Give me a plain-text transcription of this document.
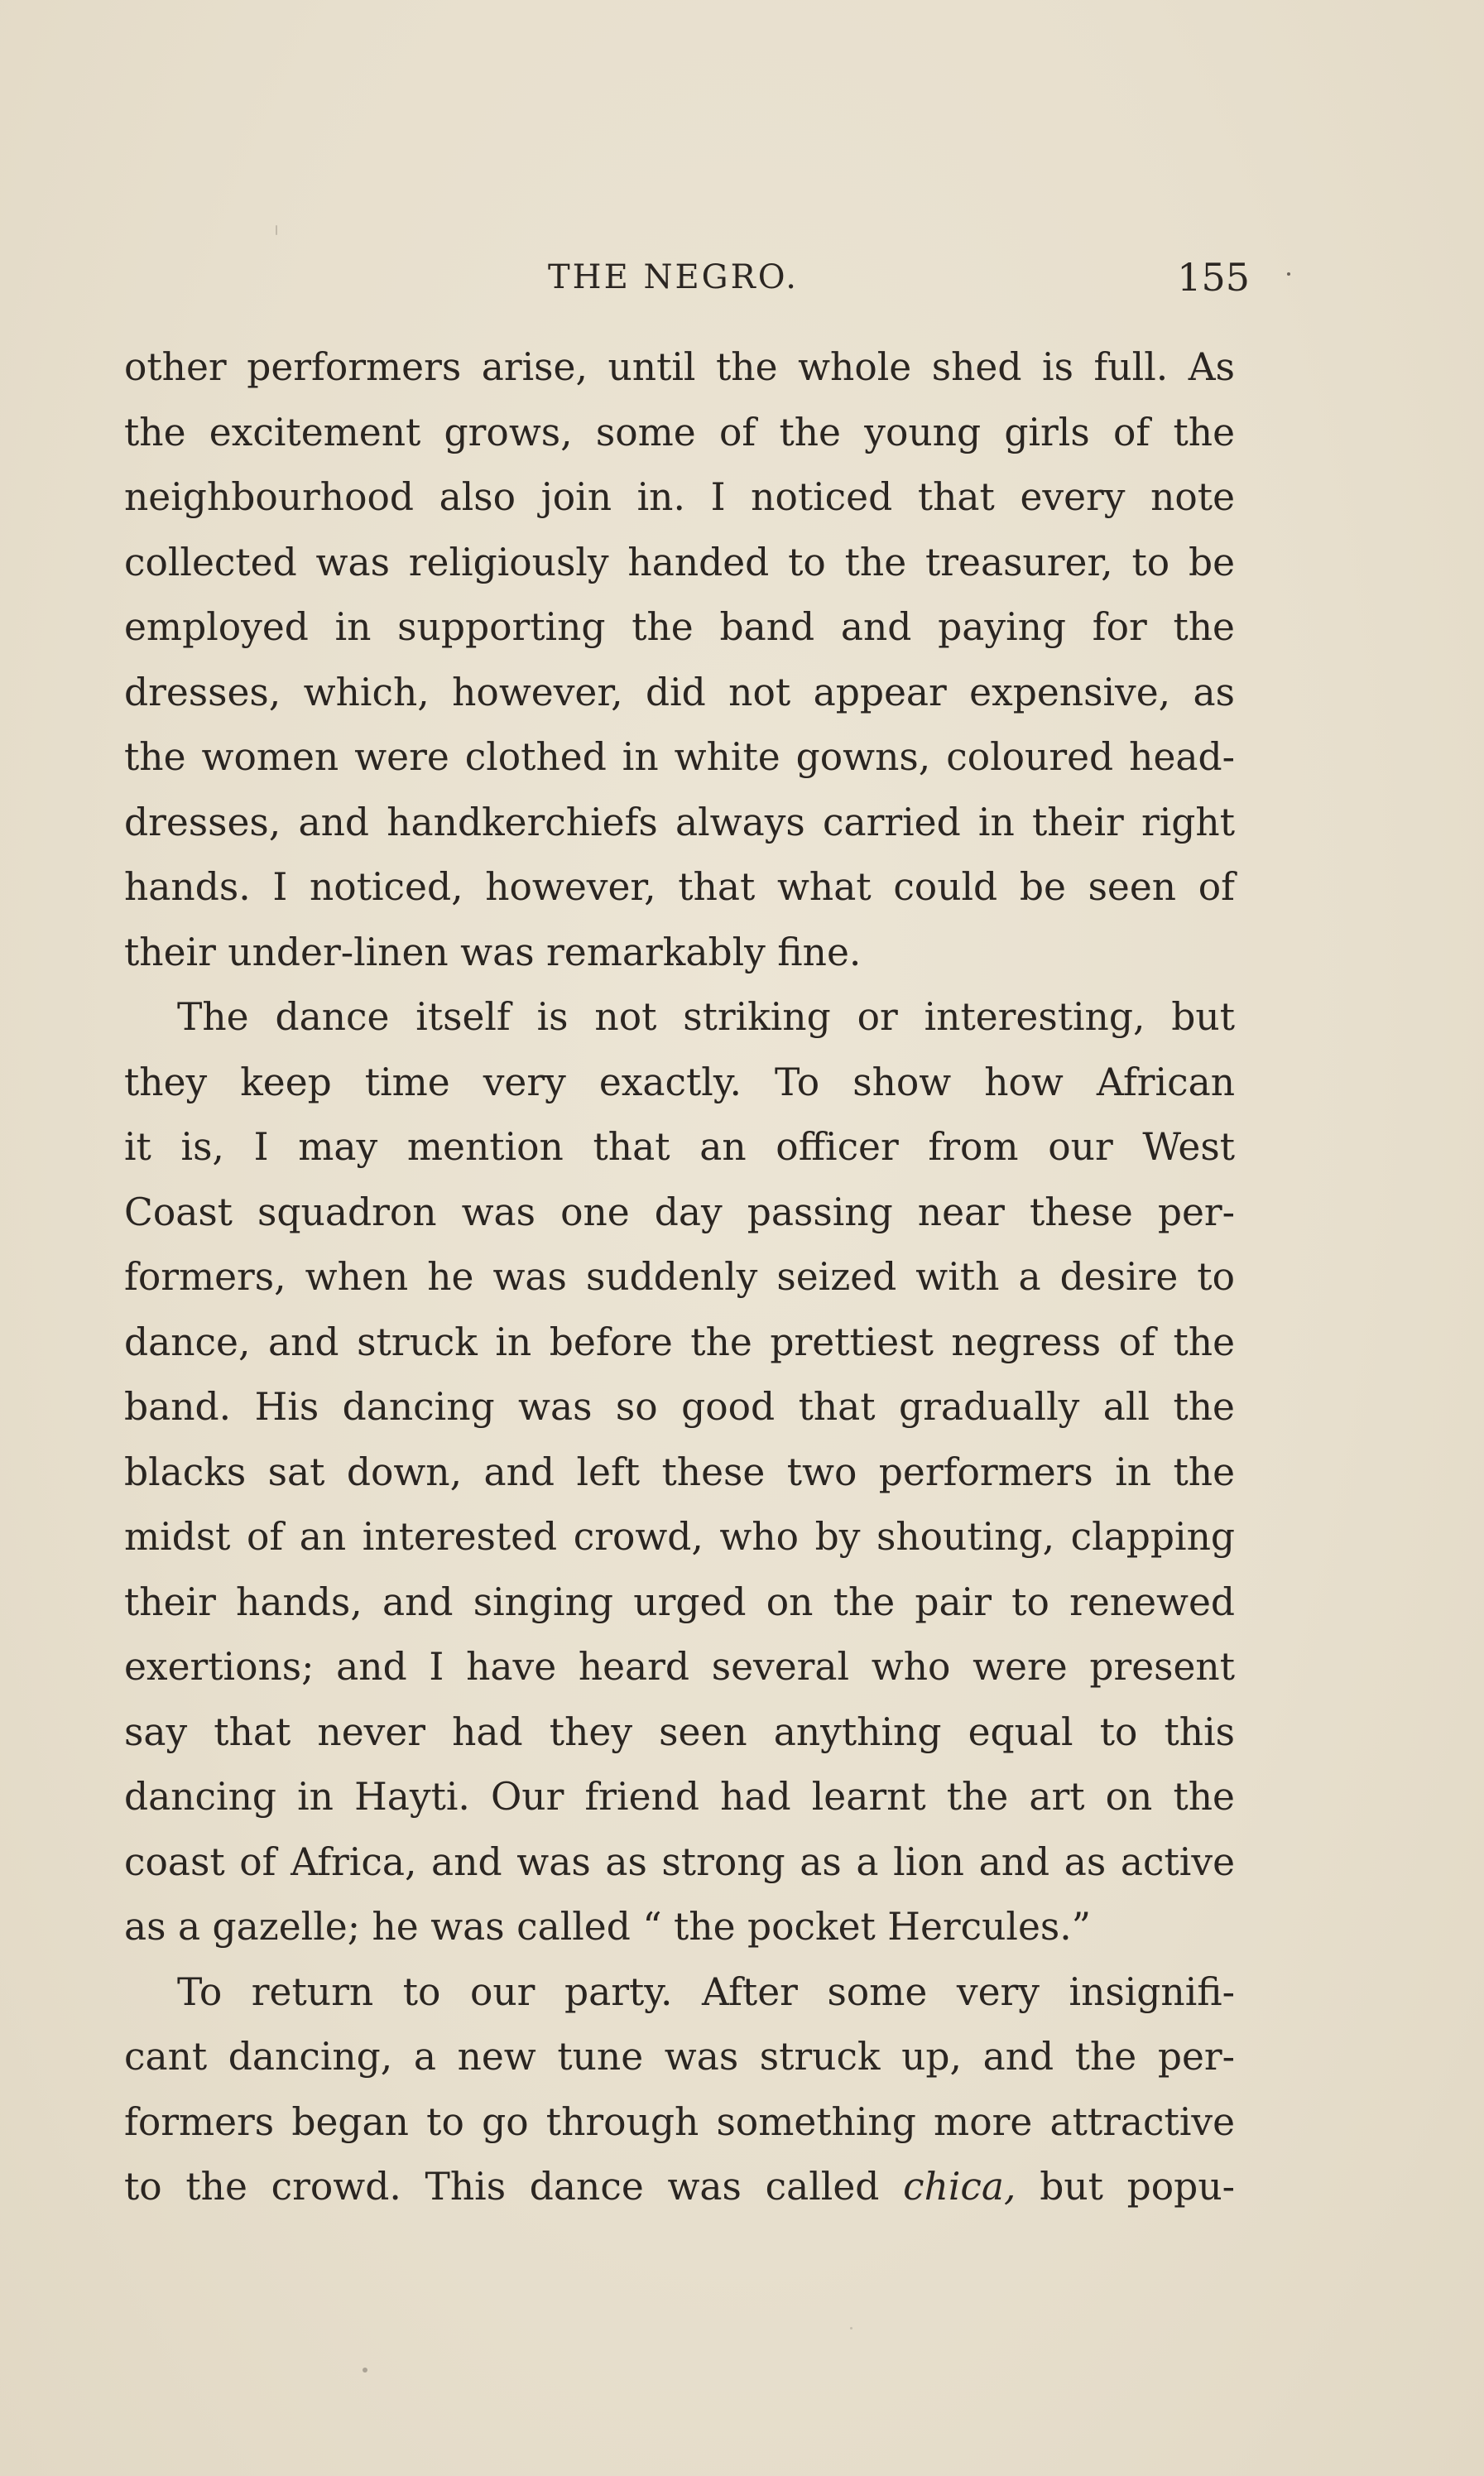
THE NEGRO.	155
other performers arise, until the whole shed is full. As
the excitement grows, some of the young girls of the
neighbourhood also join in. I noticed that every note
collected was religiously handed to the treasurer, to be
employed in supporting the band and paying for the
dresses, which, however, did not appear expensive, as
the women were clothed in white gowns, coloured head-
dresses, and handkerchiefs always carried in their right
hands. I noticed, however, that what could be seen of
their under-linen was remarkably fine.
The dance itself is not striking or interesting, but
they keep time very exactly. To show how African
it is, I may mention that an officer from our West
Coast squadron was one day passing near these per-
formers, when he was suddenly seized with a desire to
dance, and struck in before the prettiest negress of the
band. His dancing was so good that gradually all the
blacks sat down, and left these two performers in the
midst of an interested crowd, who by shouting, clapping
their hands, and singing urged on the pair to renewed
exertions; and I have heard several who were present
say that never had they seen anything equal to this
dancing in Hayti. Our friend had learnt the art on the
coast of Africa, and was as strong as a lion and as active
as a gazelle; he was called “ the pocket Hercules.”
To return to our party. After some very insignifi-
cant dancing, a new tune was struck up, and the per-
formers began to go through something more attractive
to the crowd. This dance was called chica, but popu-
